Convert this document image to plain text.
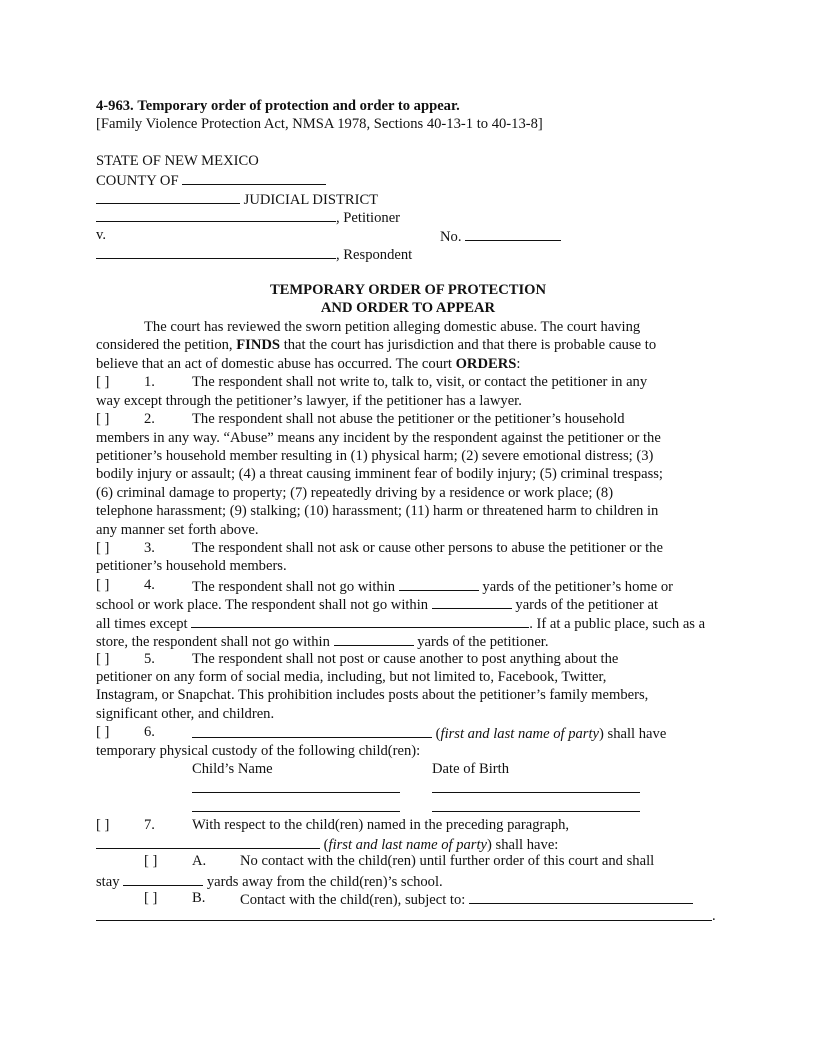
4-963. Temporary order of protection and order to appear.
[Family Violence Protection Act, NMSA 1978, Sections 40-13-1 to 40-13-8]
STATE OF NEW MEXICO
COUNTY OF
JUDICIAL DISTRICT
, Petitioner
v.	No.
, Respondent
TEMPORARY ORDER OF PROTECTION
AND ORDER TO APPEAR
The court has reviewed the sworn petition alleging domestic abuse. The court having
considered the petition, FINDS that the court has jurisdiction and that there is probable cause to
believe that an act of domestic abuse has occurred. The court ORDERS:
[ ] 1.	The respondent shall not write to, talk to, visit, or contact the petitioner in any
way except through the petitioner’s lawyer, if the petitioner has a lawyer.
[ ] 2.	The respondent shall not abuse the petitioner or the petitioner’s household
members in any way. “Abuse” means any incident by the respondent against the petitioner or the
petitioner’s household member resulting in (1) physical harm; (2) severe emotional distress; (3)
bodily injury or assault; (4) a threat causing imminent fear of bodily injury; (5) criminal trespass;
(6) criminal damage to property; (7) repeatedly driving by a residence or work place; (8)
telephone harassment; (9) stalking; (10) harassment; (11) harm or threatened harm to children in
any manner set forth above.
[ ] 3.	The respondent shall not ask or cause other persons to abuse the petitioner or the
petitioner’s household members.
[ ] 4.	The respondent shall not go within	yards of the petitioner’s home or
school or work place. The respondent shall not go within	yards of the petitioner at
all times except	. If at a public place, such as a
store, the respondent shall not go within	yards of the petitioner.
[ ] 5.	The respondent shall not post or cause another to post anything about the
petitioner on any form of social media, including, but not limited to, Facebook, Twitter,
Instagram, or Snapchat. This prohibition includes posts about the petitioner’s family members,
significant other, and children.
[ ] 6.	(first and last name of party) shall have
temporary physical custody of the following child(ren):
Child’s Name	Date of Birth
[ ] 7.	With respect to the child(ren) named in the preceding paragraph,
(first and last name of party) shall have:
[ ] A. No contact with the child(ren) until further order of this court and shall
stay	yards away from the child(ren)’s school.
[ ] B. Contact with the child(ren), subject to:
.
